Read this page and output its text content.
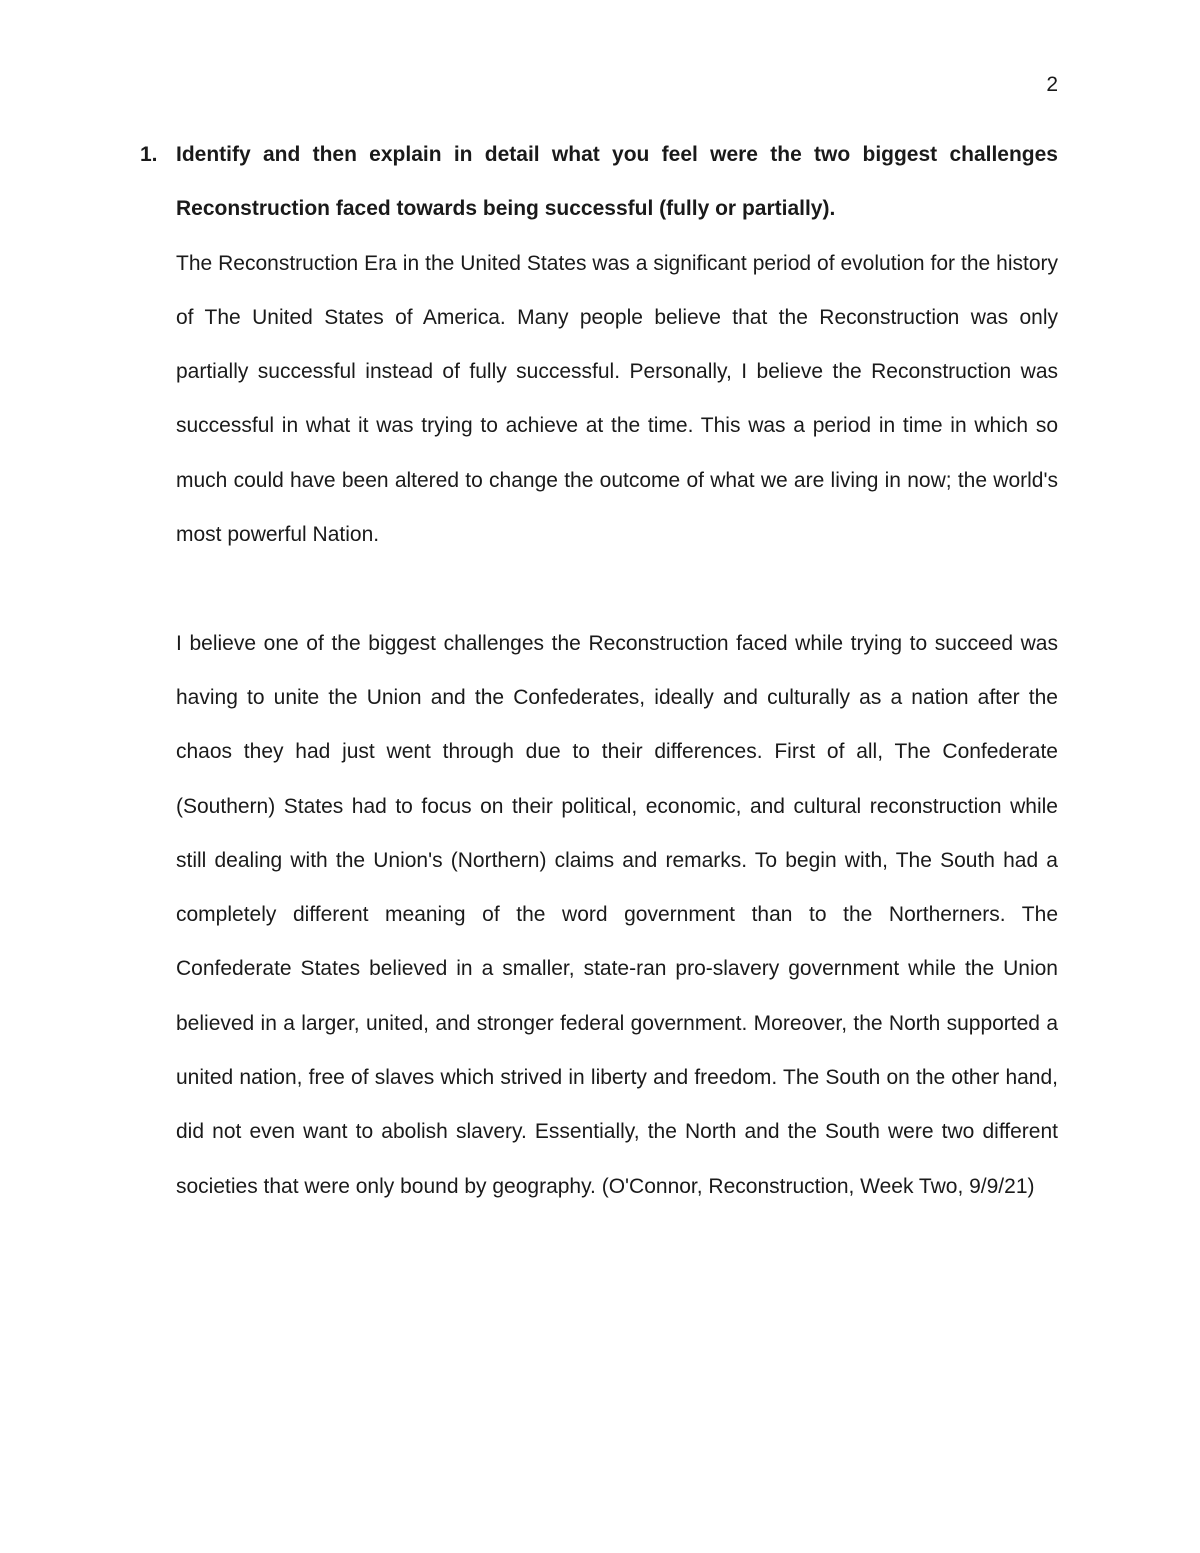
2
1. Identify and then explain in detail what you feel were the two biggest challenges Reconstruction faced towards being successful (fully or partially).

The Reconstruction Era in the United States was a significant period of evolution for the history of The United States of America. Many people believe that the Reconstruction was only partially successful instead of fully successful. Personally, I believe the Reconstruction was successful in what it was trying to achieve at the time. This was a period in time in which so much could have been altered to change the outcome of what we are living in now; the world's most powerful Nation.

I believe one of the biggest challenges the Reconstruction faced while trying to succeed was having to unite the Union and the Confederates, ideally and culturally as a nation after the chaos they had just went through due to their differences. First of all, The Confederate (Southern) States had to focus on their political, economic, and cultural reconstruction while still dealing with the Union's (Northern) claims and remarks. To begin with, The South had a completely different meaning of the word government than to the Northerners. The Confederate States believed in a smaller, state-ran pro-slavery government while the Union believed in a larger, united, and stronger federal government. Moreover, the North supported a united nation, free of slaves which strived in liberty and freedom. The South on the other hand, did not even want to abolish slavery. Essentially, the North and the South were two different societies that were only bound by geography. (O'Connor, Reconstruction, Week Two, 9/9/21)
